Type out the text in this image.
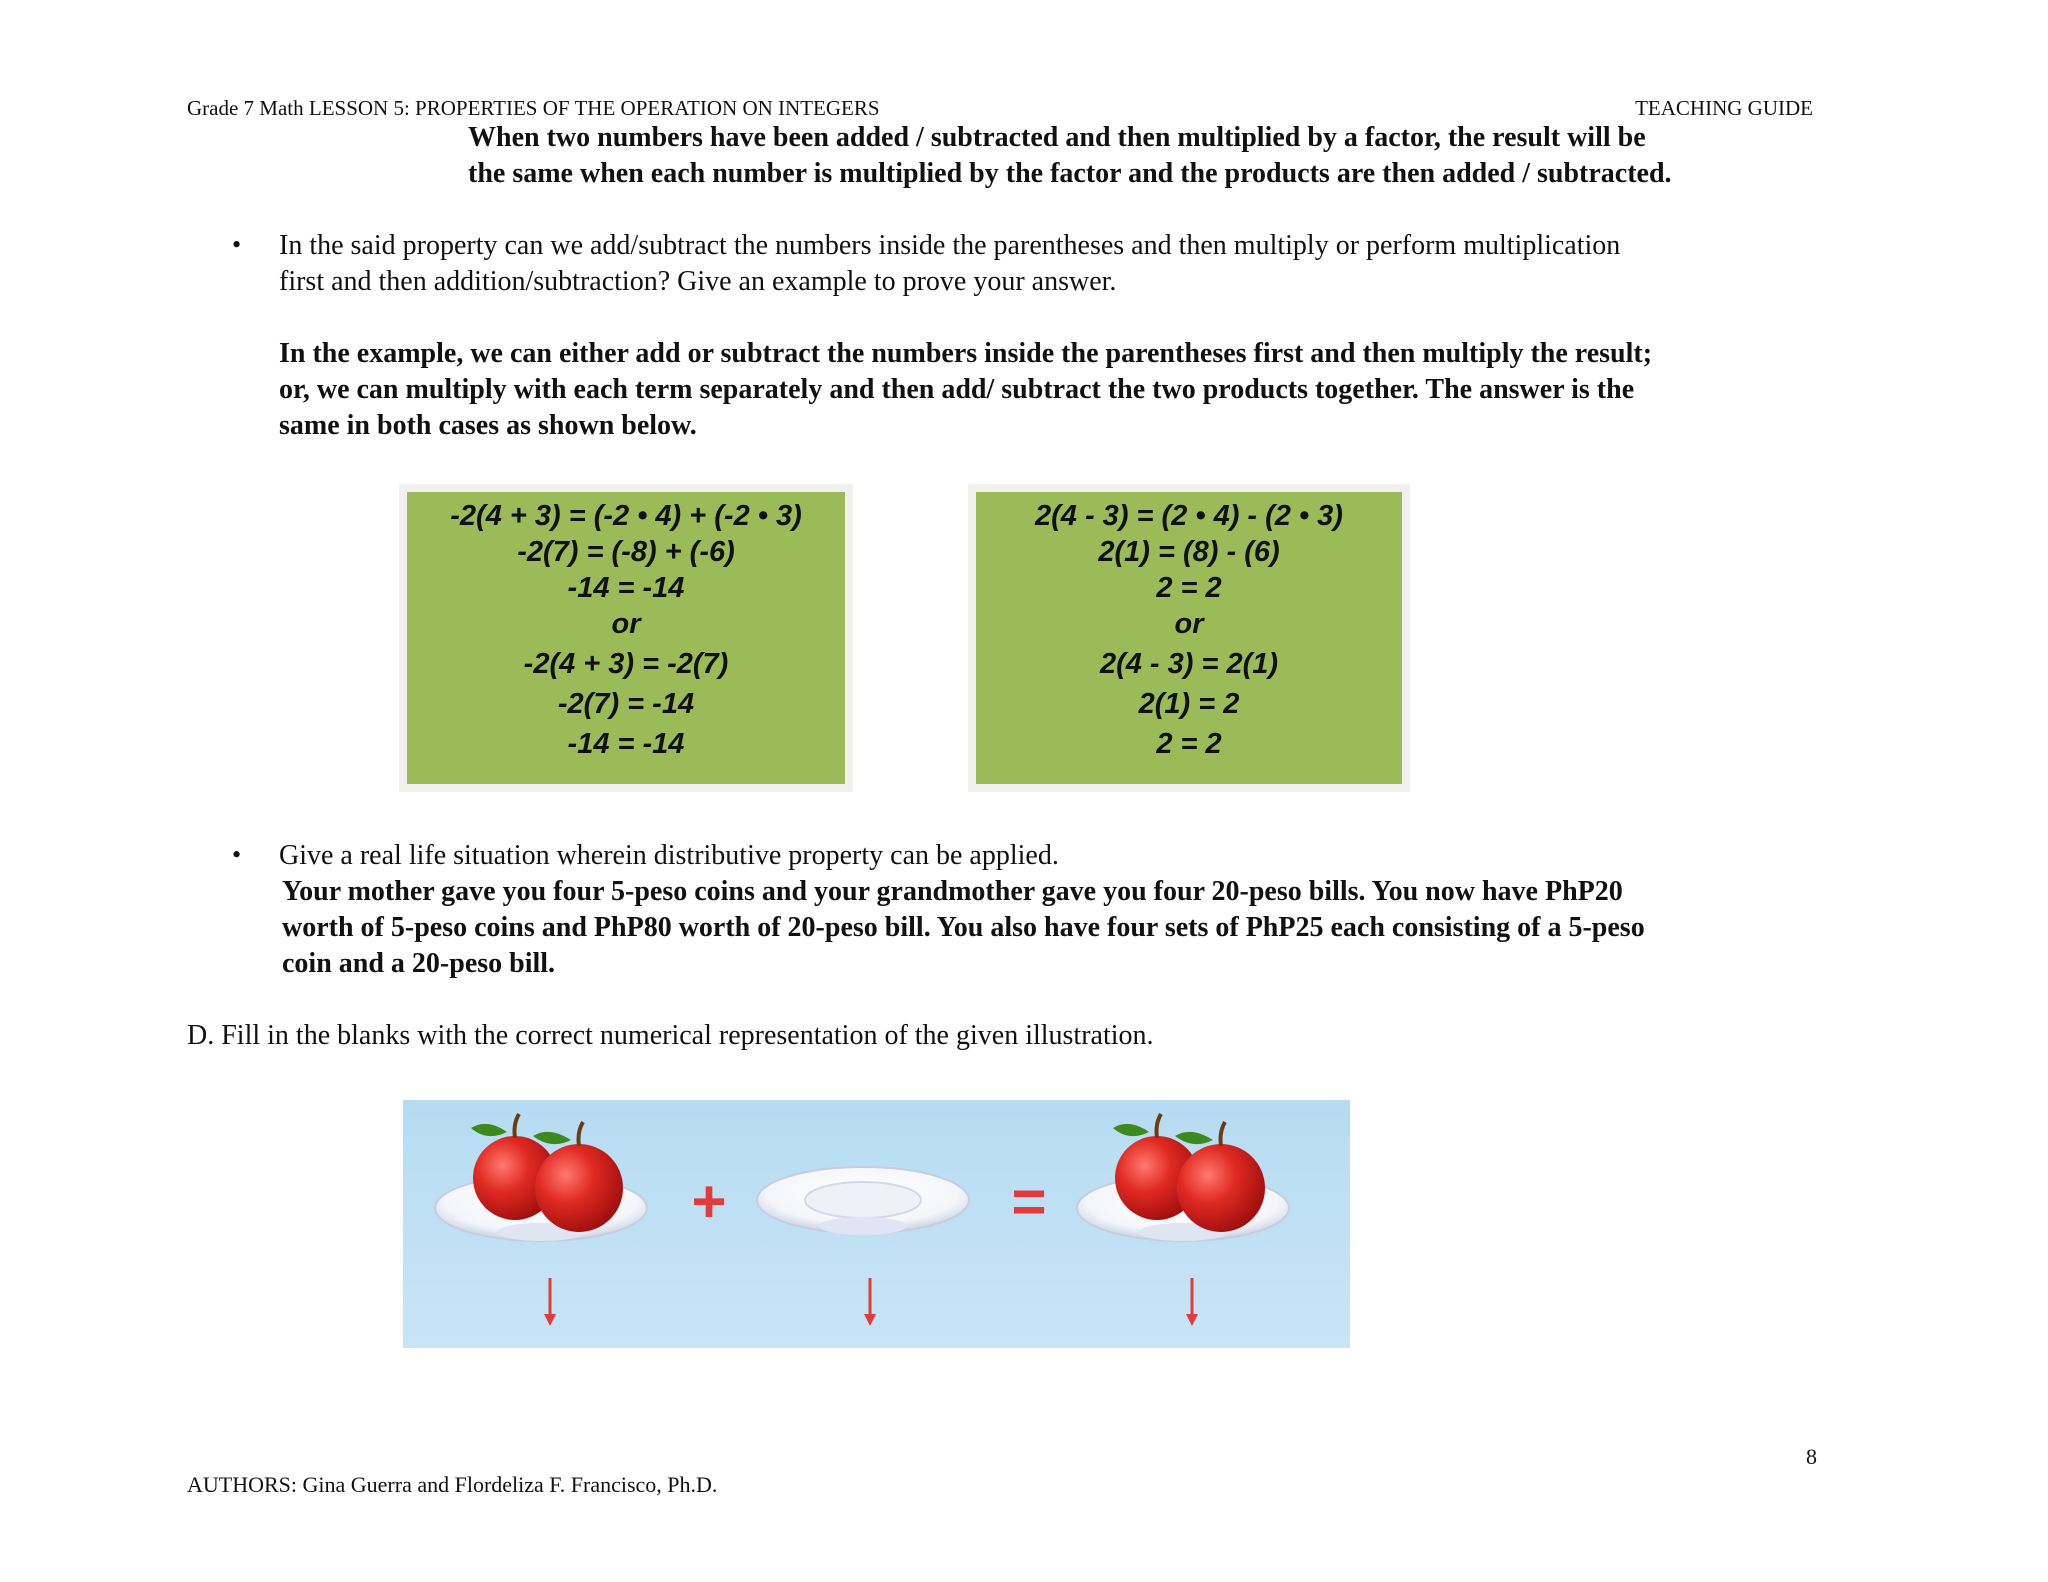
Grade 7 Math LESSON 5: PROPERTIES OF THE OPERATION ON INTEGERS	TEACHING GUIDE
When two numbers have been added / subtracted and then multiplied by a factor, the result will be
the same when each number is multiplied by the factor and the products are then added / subtracted.
• In the said property can we add/subtract the numbers inside the parentheses and then multiply or perform multiplication
first and then addition/subtraction? Give an example to prove your answer.
In the example, we can either add or subtract the numbers inside the parentheses first and then multiply the result;
or, we can multiply with each term separately and then add/ subtract the two products together. The answer is the
same in both cases as shown below.
-2(4 + 3) = (-2 • 4) + (-2 • 3)
-2(7) = (-8) + (-6)
-14 = -14
or
-2(4 + 3) = -2(7)
-2(7) = -14
-14 = -14
2(4 - 3) = (2 • 4) - (2 • 3)
2(1) = (8) - (6)
2 = 2
or
2(4 - 3) = 2(1)
2(1) = 2
2 = 2
• Give a real life situation wherein distributive property can be applied.
Your mother gave you four 5-peso coins and your grandmother gave you four 20-peso bills. You now have PhP20
worth of 5-peso coins and PhP80 worth of 20-peso bill. You also have four sets of PhP25 each consisting of a 5-peso
coin and a 20-peso bill.
D. Fill in the blanks with the correct numerical representation of the given illustration.
+	=
8
AUTHORS: Gina Guerra and Flordeliza F. Francisco, Ph.D.
